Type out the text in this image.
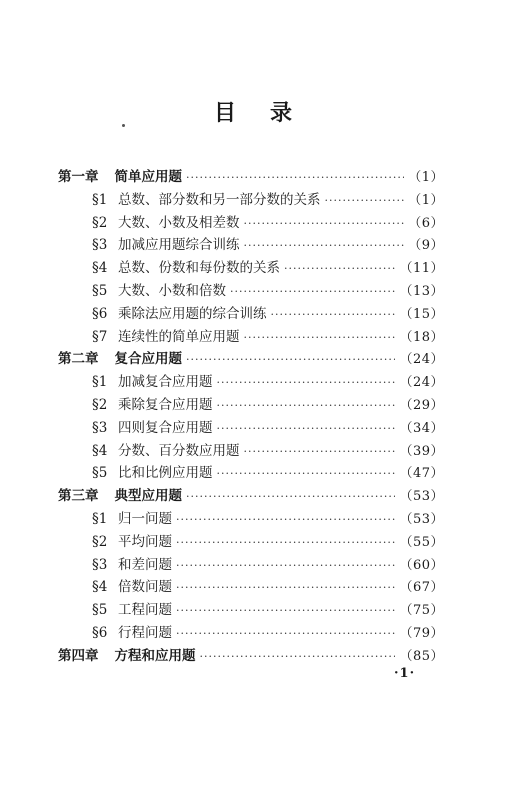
目 录
第一章 简单应用题 ·····	（1）
§1 总数、部分数和另一部分数的关系 ·····	（1）
§2 大数、小数及相差数 ·····	（6）
§3 加减应用题综合训练 ·····	（9）
§4 总数、份数和每份数的关系 ·····	（11）
§5 大数、小数和倍数 ·····	（13）
§6 乘除法应用题的综合训练 ·····	（15）
§7 连续性的简单应用题 ·····	（18）
第二章 复合应用题 ·····	（24）
§1 加减复合应用题 ·····	（24）
§2 乘除复合应用题 ·····	（29）
§3 四则复合应用题 ·····	（34）
§4 分数、百分数应用题 ·····	（39）
§5 比和比例应用题 ·····	（47）
第三章 典型应用题 ·····	（53）
§1 归一问题 ·····	（53）
§2 平均问题 ·····	（55）
§3 和差问题 ·····	（60）
§4 倍数问题 ·····	（67）
§5 工程问题 ·····	（75）
§6 行程问题 ·····	（79）
第四章 方程和应用题 ·····	（85）
·1·
